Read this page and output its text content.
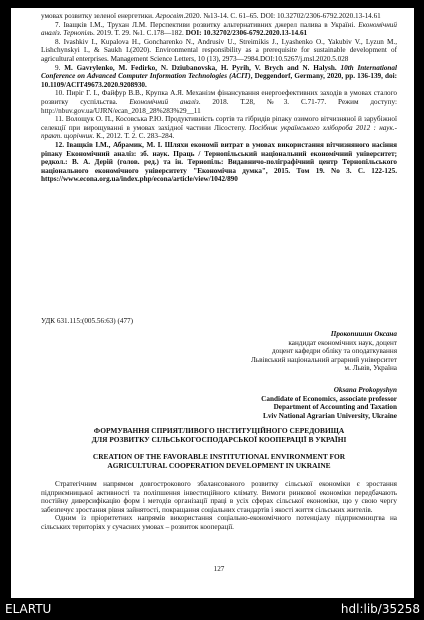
умовах розвитку зеленої енергетики. Агросвіт.2020. №13-14. С. 61–65. DOI: 10.32702/2306-6792.2020.13-14.61
7. Іващків І.М., Трухан Л.М. Перспективи розвитку альтернативних джерел палива в Україні. Економічний аналіз. Тернопіль. 2019. Т. 29. №1. С.178—182. DOI: 10.32702/2306-6792.2020.13-14.61
8. Ivashkiv I., Kupalova H., Goncharenko N., Andrusiv U., Streimikis J., Lyashenko O., Yakubiv V., Lyzun M., Lishchynskyi I., & Saukh I.(2020). Environmental responsibility as a prerequisite for sustainable development of agricultural enterprises. Management Science Letters, 10 (13), 2973—2984.DOI:10.5267/j.msl.2020.5.028
9. M. Gavrylenko, M. Fedirko, N. Dziubanovska, H. Pyrih, V. Brych and N. Halysh. 10th International Conference on Advanced Computer Information Technologies (ACIT), Deggendorf, Germany, 2020, pp. 136-139, doi: 10.1109/ACIT49673.2020.9208930.
10. Пиріг Г. І., Файфур В.В., Крупка А.Я. Механізм фінансування енергоефективних заходів в умовах сталого розвитку суспільства. Економічний аналіз. 2018. Т.28, №3. С.71-77. Режим доступу: http://nbuv.gov.ua/UJRN/ecan_2018_28%283%29__11
11. Волощук О. П., Косовська Р.Ю. Продуктивність сортів та гібридів ріпаку озимого вітчизняної й зарубіжної селекції при вирощуванні в умовах західної частини Лісостепу. Посібник українського хлібороба 2012 : наук.-практ. щорічник. К., 2012. Т. 2. С. 283–284.
12. Іващків І.М., Абрамик, М. І. Шляхи економії витрат в умовах використання вітчизняного насіння ріпаку Економічний аналіз: зб. наук. Праць / Тернопільський національний економічний університет; редкол.: В. А. Дерій (голов. ред.) та ін. Тернопіль: Видавничо-поліграфічний центр Тернопільського національного економічного університету "Економічна думка", 2015. Том 19. No 3. C. 122-125. https://www.econa.org.ua/index.php/econa/article/view/1042/890
УДК 631.115:(005.56:63) (477)
Прокопишин Оксана
кандидат економічних наук, доцент
доцент кафедри обліку та оподаткування
Львівський національний аграрний університет
м. Львів, Україна
Oksana Prokopyshyn
Candidate of Economics, associate professor
Department of Accounting and Taxation
Lviv National Agrarian University, Ukraine
ФОРМУВАННЯ СПРИЯТЛИВОГО ІНСТИТУЦІЙНОГО СЕРЕДОВИЩА
ДЛЯ РОЗВИТКУ СІЛЬСЬКОГОСПОДАРСЬКОЇ КООПЕРАЦІЇ В УКРАЇНІ
CREATION OF THE FAVORABLE INSTITUTIONAL ENVIRONMENT FOR
AGRICULTURAL COOPERATION DEVELOPMENT IN UKRAINE

Стратегічним напрямом довгострокового збалансованого розвитку сільської економіки є зростання підприємницької активності та поліпшення інвестиційного клімату. Вимоги ринкової економіки передбачають постійну диверсифікацію форм і методів організації праці в усіх сферах сільської економіки, що у свою чергу забезпечує зростання рівня зайнятості, покращання соціальних стандартів і якості життя сільських жителів.

Одним із пріоритетних напрямів використання соціально-економічного потенціалу підприємництва на сільських територіях у сучасних умовах – розвиток кооперації.

127
ELARTU	hdl:lib/35258
